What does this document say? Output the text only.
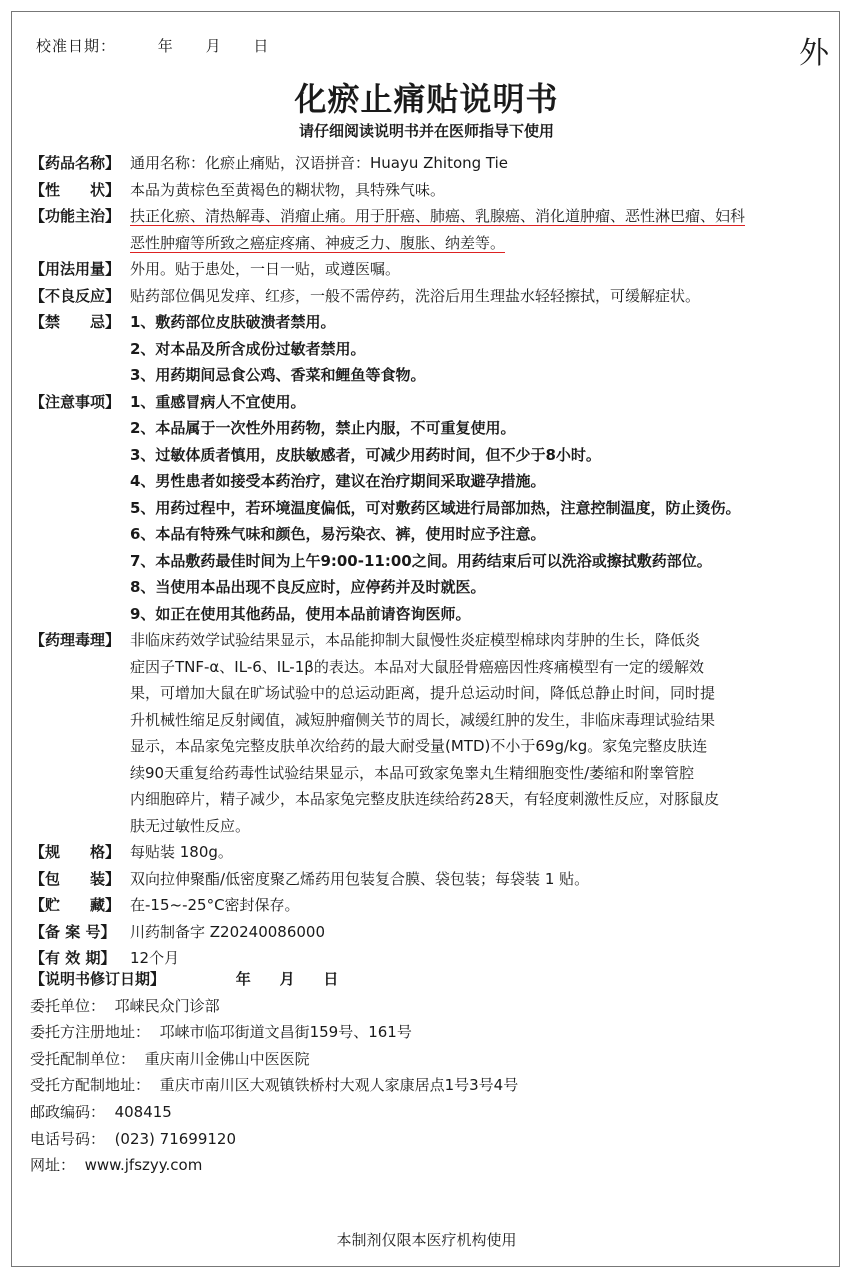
校准日期：	年 月 日	外
化瘀止痛贴说明书
请仔细阅读说明书并在医师指导下使用
【药品名称】 通用名称：化瘀止痛贴，汉语拼音：Huayu Zhitong Tie
【性　　状】 本品为黄棕色至黄褐色的糊状物，具特殊气味。
【功能主治】 扶正化瘀、清热解毒、消瘤止痛。用于肝癌、肺癌、乳腺癌、消化道肿瘤、恶性淋巴瘤、妇科
恶性肿瘤等所致之癌症疼痛、神疲乏力、腹胀、纳差等。
【用法用量】 外用。贴于患处，一日一贴，或遵医嘱。
【不良反应】 贴药部位偶见发痒、红疹，一般不需停药，洗浴后用生理盐水轻轻擦拭，可缓解症状。
【禁　　忌】 1、敷药部位皮肤破溃者禁用。
2、对本品及所含成份过敏者禁用。
3、用药期间忌食公鸡、香菜和鲤鱼等食物。
【注意事项】 1、重感冒病人不宜使用。
2、本品属于一次性外用药物，禁止内服，不可重复使用。
3、过敏体质者慎用，皮肤敏感者，可减少用药时间，但不少于8小时。
4、男性患者如接受本药治疗，建议在治疗期间采取避孕措施。
5、用药过程中，若环境温度偏低，可对敷药区域进行局部加热，注意控制温度，防止烫伤。
6、本品有特殊气味和颜色，易污染衣、裤，使用时应予注意。
7、本品敷药最佳时间为上午9:00-11:00之间。用药结束后可以洗浴或擦拭敷药部位。
8、当使用本品出现不良反应时，应停药并及时就医。
9、如正在使用其他药品，使用本品前请咨询医师。
【药理毒理】 非临床药效学试验结果显示，本品能抑制大鼠慢性炎症模型棉球肉芽肿的生长，降低炎
症因子TNF-α、IL-6、IL-1β的表达。本品对大鼠胫骨癌癌因性疼痛模型有一定的缓解效
果，可增加大鼠在旷场试验中的总运动距离，提升总运动时间，降低总静止时间，同时提
升机械性缩足反射阈值，减短肿瘤侧关节的周长，减缓红肿的发生，非临床毒理试验结果
显示，本品家兔完整皮肤单次给药的最大耐受量(MTD)不小于69g/kg。家兔完整皮肤连
续90天重复给药毒性试验结果显示，本品可致家兔睾丸生精细胞变性/萎缩和附睾管腔
内细胞碎片，精子减少，本品家兔完整皮肤连续给药28天，有轻度刺激性反应，对豚鼠皮
肤无过敏性反应。
【规　　格】 每贴装 180g。
【包　　装】 双向拉伸聚酯/低密度聚乙烯药用包装复合膜、袋包装；每袋装 1 贴。
【贮　　藏】 在-15~-25°C密封保存。
【备 案 号】 川药制备字 Z20240086000
【有 效 期】 12个月
【说明书修订日期】	年 月 日
委托单位： 邛崃民众门诊部
委托方注册地址： 邛崃市临邛街道文昌街159号、161号
受托配制单位： 重庆南川金佛山中医医院
受托方配制地址： 重庆市南川区大观镇铁桥村大观人家康居点1号3号4号
邮政编码： 408415
电话号码： (023) 71699120
网址： www.jfszyy.com
本制剂仅限本医疗机构使用
